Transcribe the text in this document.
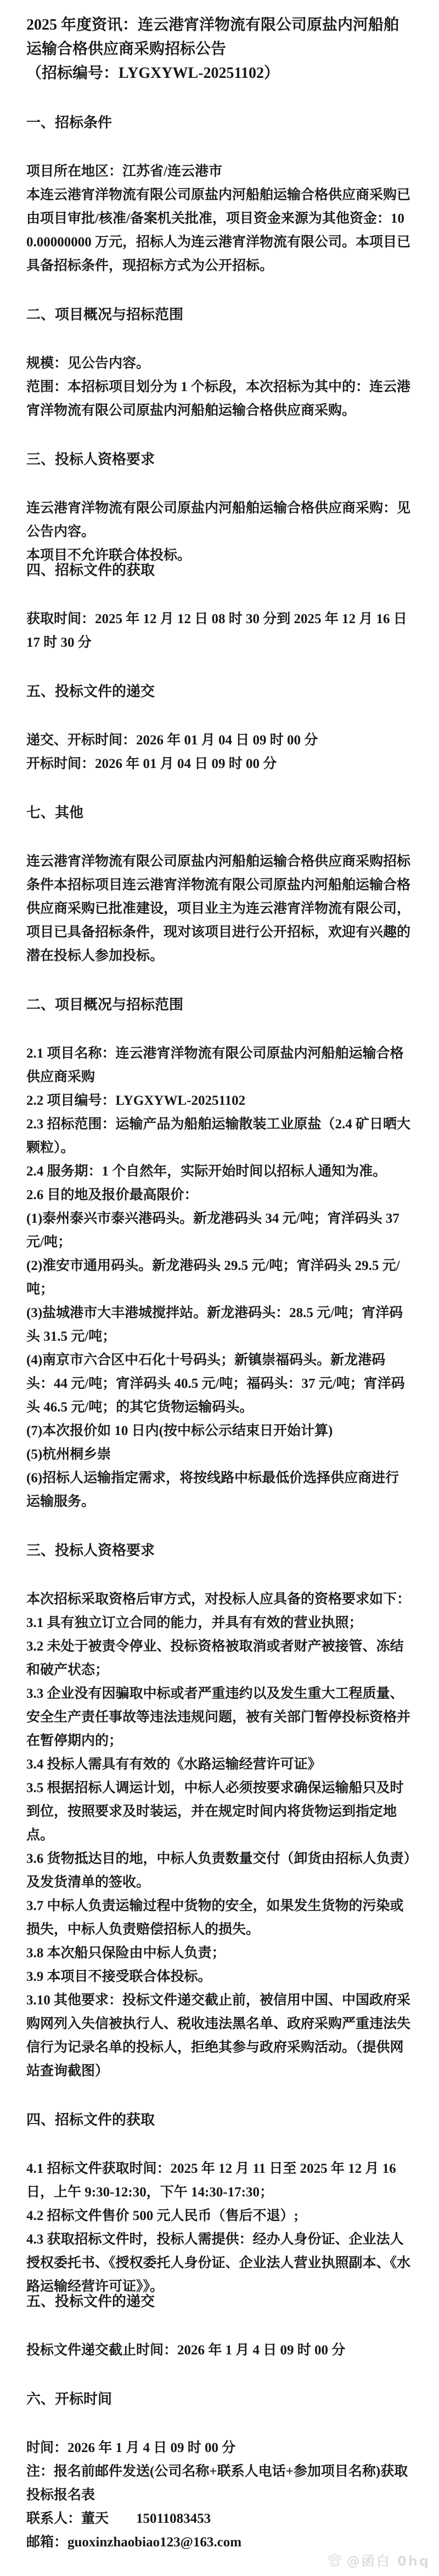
2025 年度资讯：连云港宵洋物流有限公司原盐内河船舶运输合格供应商采购招标公告
（招标编号：LYGXYWL-20251102）
一、招标条件
项目所在地区：江苏省/连云港市
本连云港宵洋物流有限公司原盐内河船舶运输合格供应商采购已由项目审批/核准/备案机关批准，项目资金来源为其他资金：100.00000000 万元，招标人为连云港宵洋物流有限公司。本项目已具备招标条件，现招标方式为公开招标。
二、项目概况与招标范围
规模：见公告内容。
范围：本招标项目划分为 1 个标段，本次招标为其中的：连云港宵洋物流有限公司原盐内河船舶运输合格供应商采购。
三、投标人资格要求
连云港宵洋物流有限公司原盐内河船舶运输合格供应商采购：见公告内容。
本项目不允许联合体投标。
四、招标文件的获取
获取时间：2025 年 12 月 12 日 08 时 30 分到 2025 年 12 月 16 日 17 时 30 分
五、投标文件的递交
递交、开标时间：2026 年 01 月 04 日 09 时 00 分
开标时间：2026 年 01 月 04 日 09 时 00 分
七、其他
连云港宵洋物流有限公司原盐内河船舶运输合格供应商采购招标条件本招标项目连云港宵洋物流有限公司原盐内河船舶运输合格供应商采购已批准建设，项目业主为连云港宵洋物流有限公司，项目已具备招标条件，现对该项目进行公开招标，欢迎有兴趣的潜在投标人参加投标。
二、项目概况与招标范围
2.1 项目名称：连云港宵洋物流有限公司原盐内河船舶运输合格供应商采购
2.2 项目编号：LYGXYWL-20251102
2.3 招标范围：运输产品为船舶运输散装工业原盐（2.4 矿日晒大颗粒）。
2.4 服务期：1 个自然年，实际开始时间以招标人通知为准。
2.6 目的地及报价最高限价：
(1)泰州泰兴市泰兴港码头。新龙港码头 34 元/吨；宵洋码头 37 元/吨；
(2)淮安市通用码头。新龙港码头 29.5 元/吨；宵洋码头 29.5 元/吨；
(3)盐城港市大丰港城搅拌站。新龙港码头：28.5 元/吨；宵洋码头 31.5 元/吨；
(4)南京市六合区中石化十号码头；新镇崇福码头。新龙港码头：44 元/吨；宵洋码头 40.5 元/吨；福码头：37 元/吨；宵洋码头 46.5 元/吨；的其它货物运输码头。
(7)本次报价如 10 日内(按中标公示结束日开始计算)
(5)杭州桐乡崇
(6)招标人运输指定需求，将按线路中标最低价选择供应商进行运输服务。
三、投标人资格要求
本次招标采取资格后审方式，对投标人应具备的资格要求如下：
3.1 具有独立订立合同的能力，并具有有效的营业执照；
3.2 未处于被责令停业、投标资格被取消或者财产被接管、冻结和破产状态；
3.3 企业没有因骗取中标或者严重违约以及发生重大工程质量、安全生产责任事故等违法违规问题，被有关部门暂停投标资格并在暂停期内的；
3.4 投标人需具有有效的《水路运输经营许可证》
3.5 根据招标人调运计划，中标人必须按要求确保运输船只及时到位，按照要求及时装运，并在规定时间内将货物运到指定地点。
3.6 货物抵达目的地，中标人负责数量交付（卸货由招标人负责）及发货清单的签收。
3.7 中标人负责运输过程中货物的安全，如果发生货物的污染或损失，中标人负责赔偿招标人的损失。
3.8 本次船只保险由中标人负责；
3.9 本项目不接受联合体投标。
3.10 其他要求：投标文件递交截止前，被信用中国、中国政府采购网列入失信被执行人、税收违法黑名单、政府采购严重违法失信行为记录名单的投标人，拒绝其参与政府采购活动。（提供网站查询截图）
四、招标文件的获取
4.1 招标文件获取时间：2025 年 12 月 11 日至 2025 年 12 月 16 日，上午 9:30-12:30，下午 14:30-17:30；
4.2 招标文件售价 500 元人民币（售后不退）;
4.3 获取招标文件时，投标人需提供：经办人身份证、企业法人授权委托书、《授权委托人身份证、企业法人营业执照副本、《水路运输经营许可证》》。
五、投标文件的递交
投标文件递交截止时间：2026 年 1 月 4 日 09 时 00 分
六、开标时间
时间：2026 年 1 月 4 日 09 时 00 分
注：报名前邮件发送(公司名称+联系人电话+参加项目名称)获取投标报名表
联系人：董天　　15011083453
邮箱：guoxinzhaobiao123@163.com
du @函白 0hq
